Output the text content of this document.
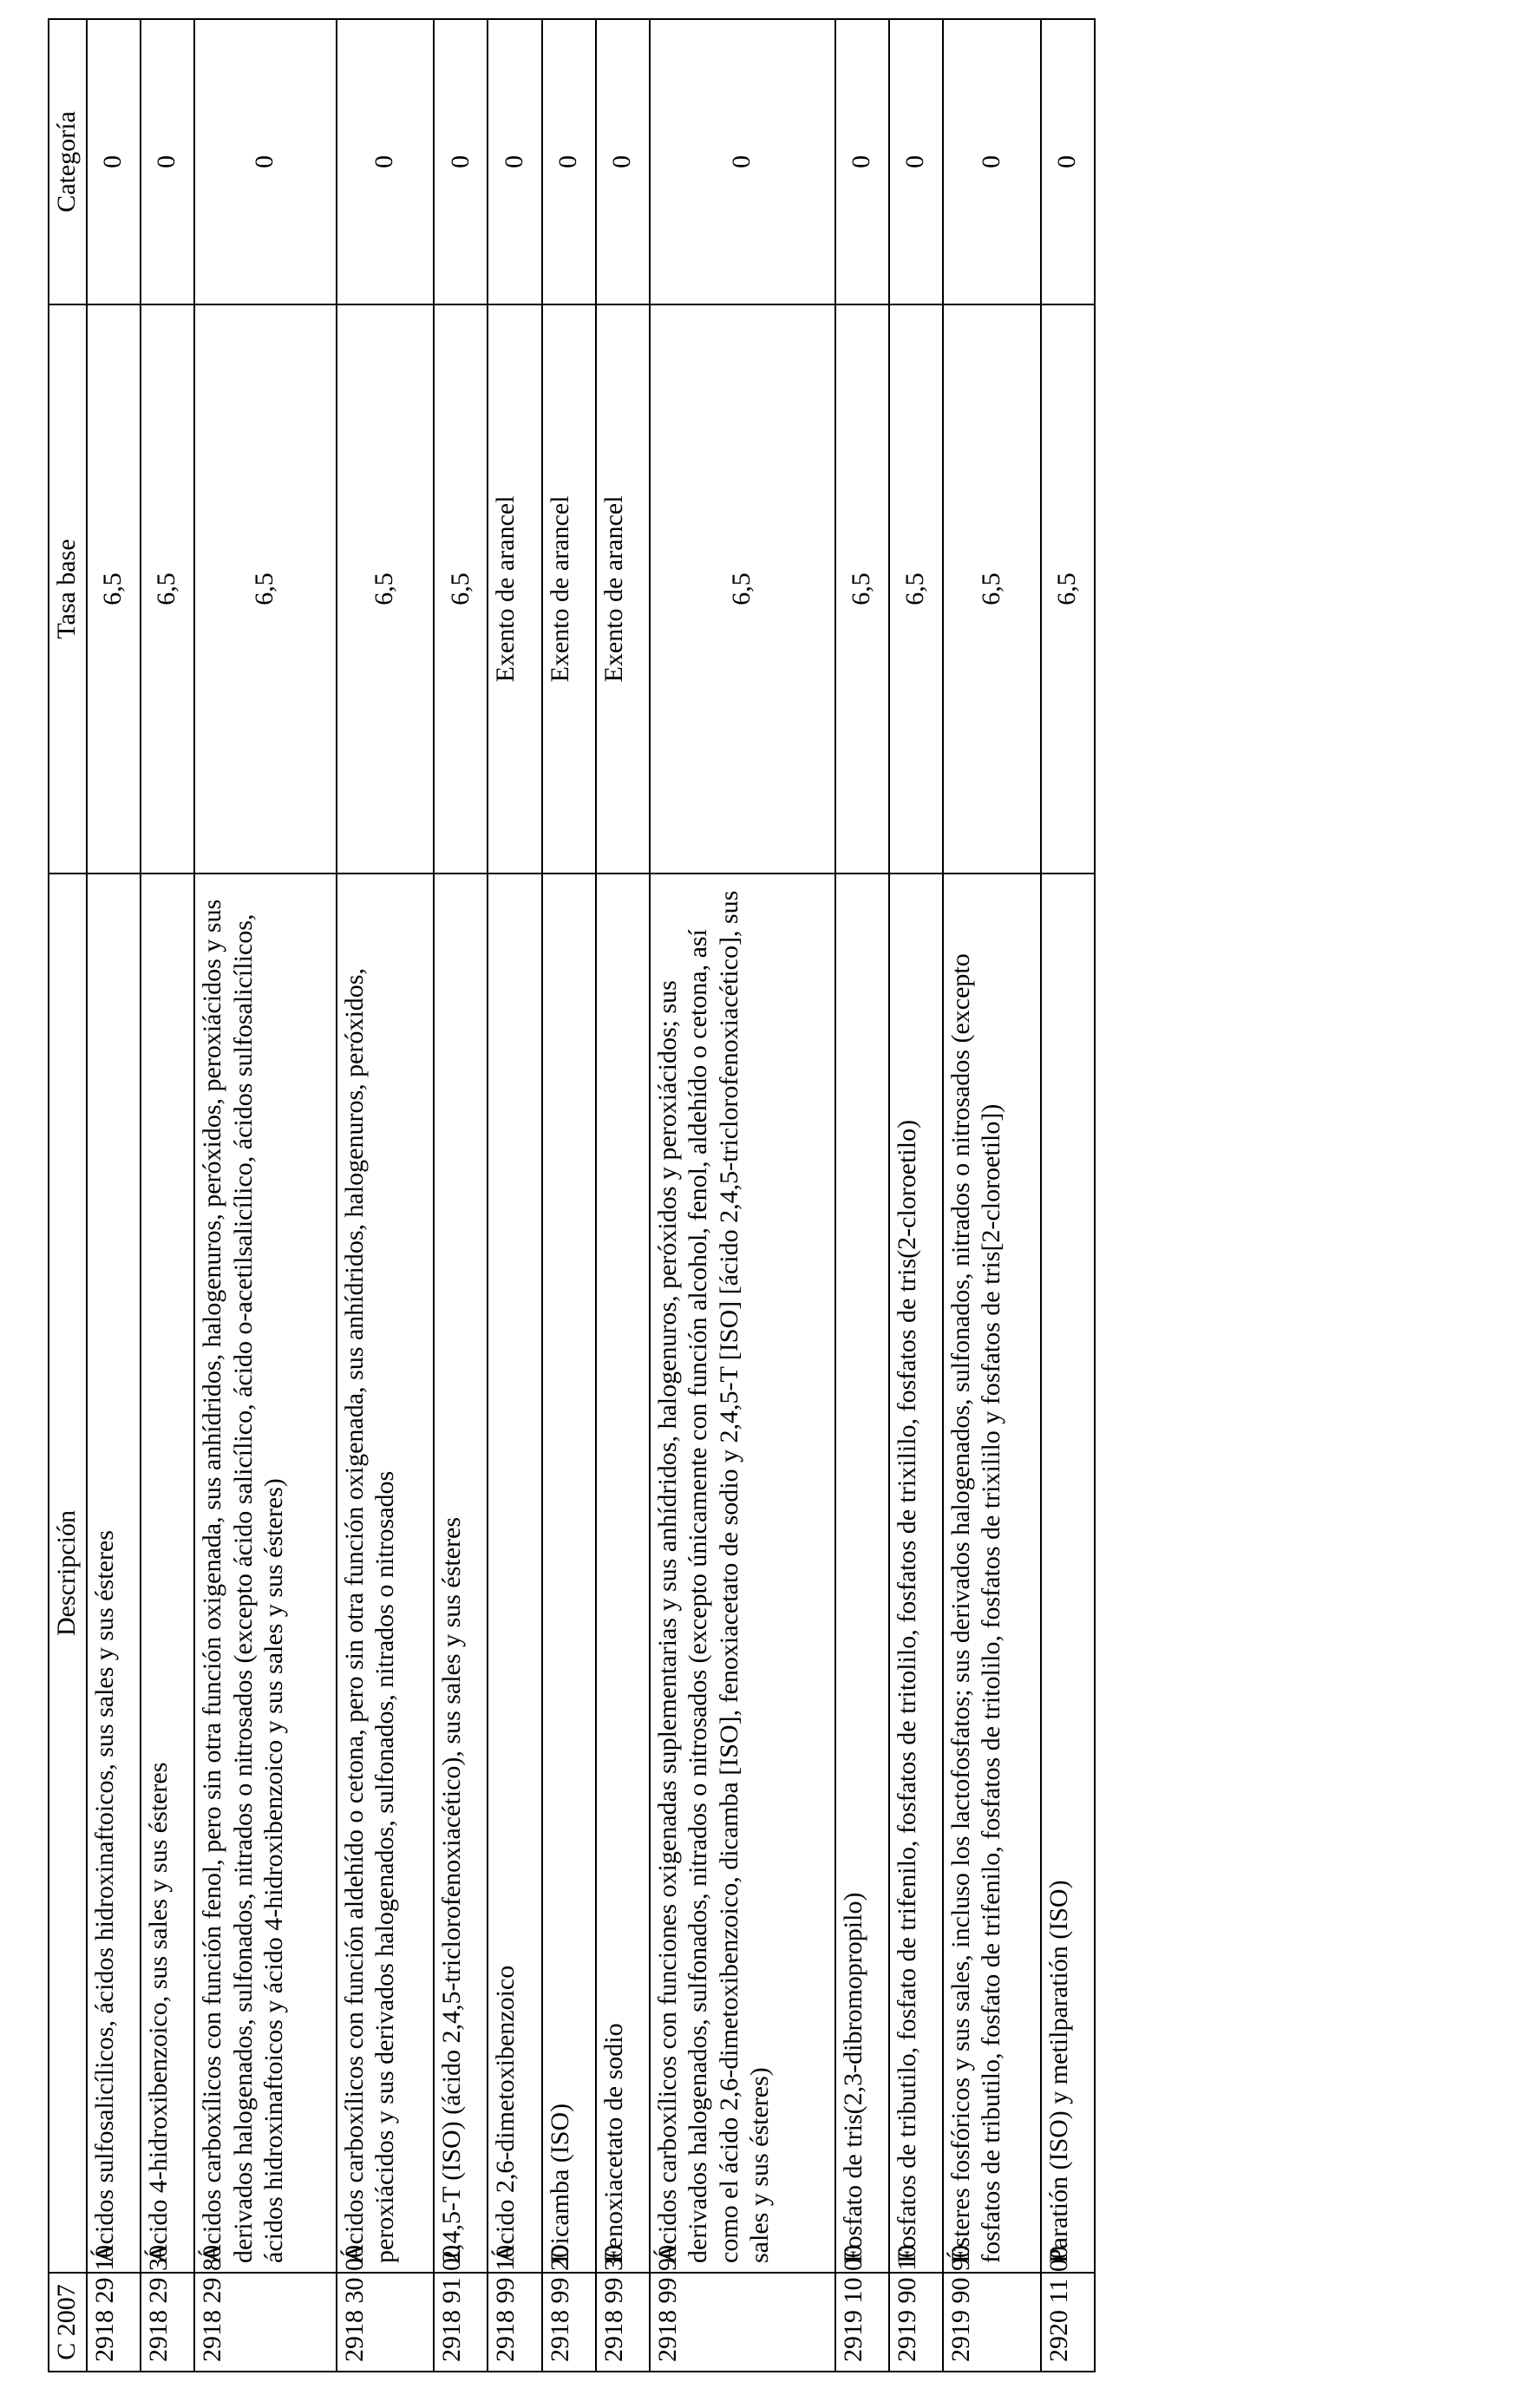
C 2007	Descripción	Tasa base	Categoría
2918 29 10	Ácidos sulfosalicílicos, ácidos hidroxinaftoicos, sus sales y sus ésteres	6,5	0
2918 29 30	Ácido 4-hidroxibenzoico, sus sales y sus ésteres	6,5	0
2918 29 80	Ácidos carboxílicos con función fenol, pero sin otra función oxigenada, sus anhídridos, halogenuros, peróxidos, peroxiácidos y sus derivados halogenados, sulfonados, nitrados o nitrosados (excepto ácido salicílico, ácido o-acetilsalicílico, ácidos sulfosalicílicos, ácidos hidroxinaftoicos y ácido 4-hidroxibenzoico y sus sales y sus ésteres)	6,5	0
2918 30 00	Ácidos carboxílicos con función aldehído o cetona, pero sin otra función oxigenada, sus anhídridos, halogenuros, peróxidos, peroxiácidos y sus derivados halogenados, sulfonados, nitrados o nitrosados	6,5	0
2918 91 00	2,4,5-T (ISO) (ácido 2,4,5-triclorofenoxiacético), sus sales y sus ésteres	6,5	0
2918 99 10	Ácido 2,6-dimetoxibenzoico	Exento de arancel	0
2918 99 20	Dicamba (ISO)	Exento de arancel	0
2918 99 30	Fenoxiacetato de sodio	Exento de arancel	0
2918 99 90	Ácidos carboxílicos con funciones oxigenadas suplementarias y sus anhídridos, halogenuros, peróxidos y peroxiácidos; sus derivados halogenados, sulfonados, nitrados o nitrosados (excepto únicamente con función alcohol, fenol, aldehído o cetona, así como el ácido 2,6-dimetoxibenzoico, dicamba [ISO], fenoxiacetato de sodio y 2,4,5-T [ISO] [ácido 2,4,5-triclorofenoxiacético], sus sales y sus ésteres)	6,5	0
2919 10 00	Fosfato de tris(2,3-dibromopropilo)	6,5	0
2919 90 10	Fosfatos de tributilo, fosfato de trifenilo, fosfatos de tritolilo, fosfatos de trixililo, fosfatos de tris(2-cloroetilo)	6,5	0
2919 90 90	Ésteres fosfóricos y sus sales, incluso los lactofosfatos; sus derivados halogenados, sulfonados, nitrados o nitrosados (excepto fosfatos de tributilo, fosfato de trifenilo, fosfatos de tritolilo, fosfatos de trixililo y fosfatos de tris[2-cloroetilo])	6,5	0
2920 11 00	Paratión (ISO) y metilparatión (ISO)	6,5	0
